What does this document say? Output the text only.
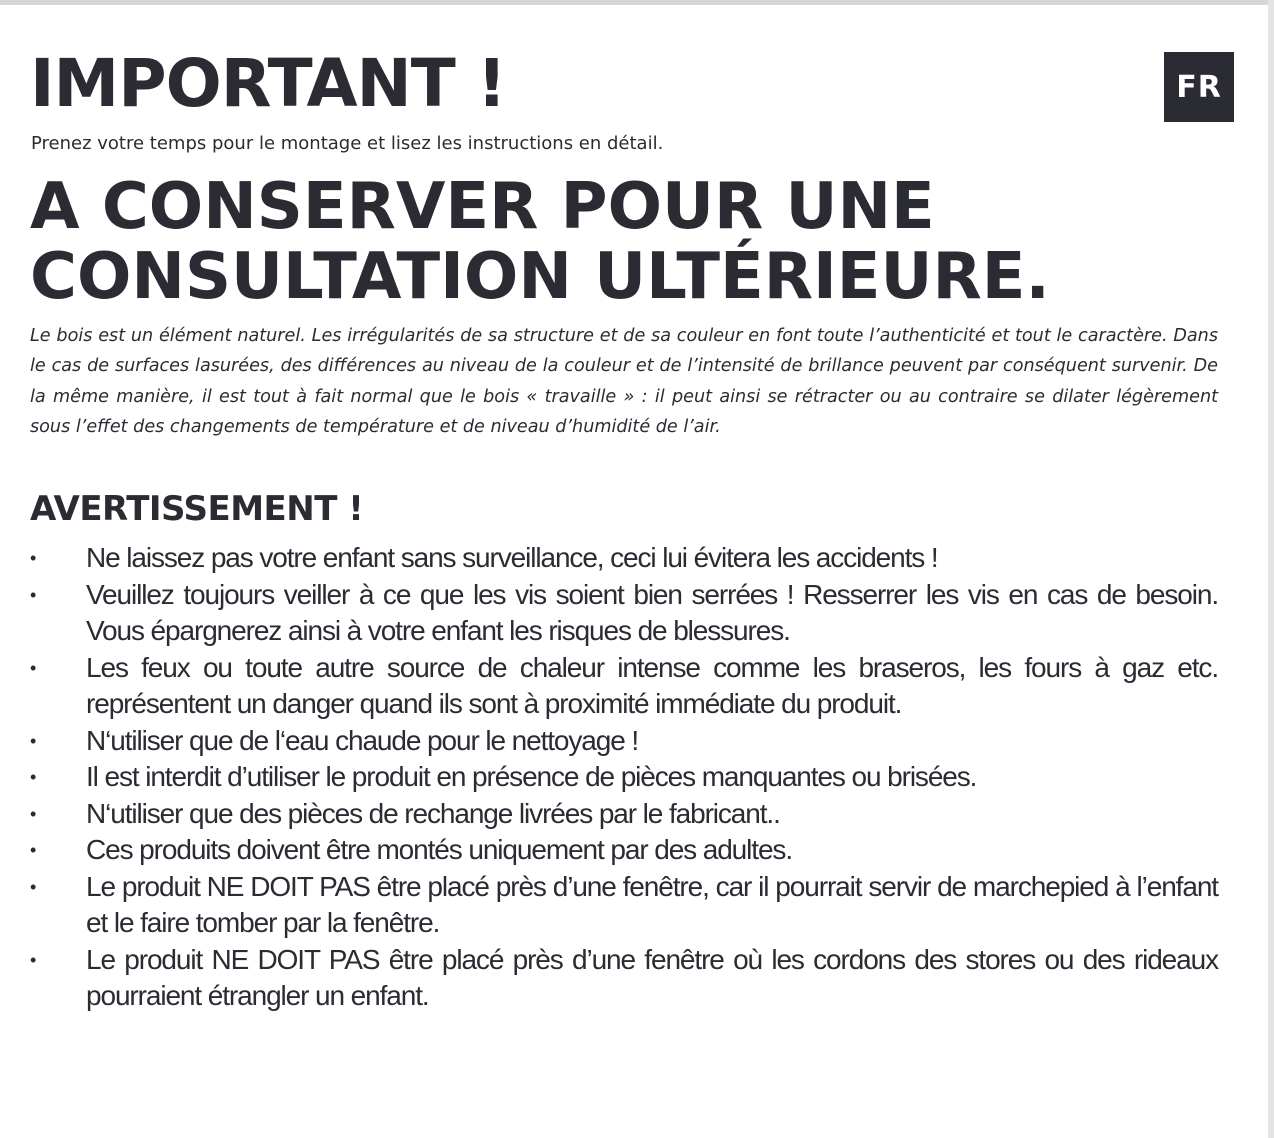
FR
IMPORTANT !

Prenez votre temps pour le montage et lisez les instructions en détail.

A CONSERVER POUR UNE CONSULTATION ULTÉRIEURE.

Le bois est un élément naturel. Les irrégularités de sa structure et de sa couleur en font toute l’authenticité et tout le caractère. Dans le cas de surfaces lasurées, des différences au niveau de la couleur et de l’intensité de brillance peuvent par conséquent survenir. De la même manière, il est tout à fait normal que le bois « travaille » : il peut ainsi se rétracter ou au contraire se dilater légèrement sous l’effet des changements de température et de niveau d’humidité de l’air.

AVERTISSEMENT !
• Ne laissez pas votre enfant sans surveillance, ceci lui évitera les accidents !
• Veuillez toujours veiller à ce que les vis soient bien serrées ! Resserrer les vis en cas de besoin. Vous épargnerez ainsi à votre enfant les risques de blessures.
• Les feux ou toute autre source de chaleur intense comme les braseros, les fours à gaz etc. représentent un danger quand ils sont à proximité immédiate du produit.
• N‘utiliser que de l‘eau chaude pour le nettoyage !
• Il est interdit d’utiliser le produit en présence de pièces manquantes ou brisées.
• N‘utiliser que des pièces de rechange livrées par le fabricant..
• Ces produits doivent être montés uniquement par des adultes.
• Le produit NE DOIT PAS être placé près d’une fenêtre, car il pourrait servir de marchepied à l’enfant et le faire tomber par la fenêtre.
• Le produit NE DOIT PAS être placé près d’une fenêtre où les cordons des stores ou des rideaux pourraient étrangler un enfant.
